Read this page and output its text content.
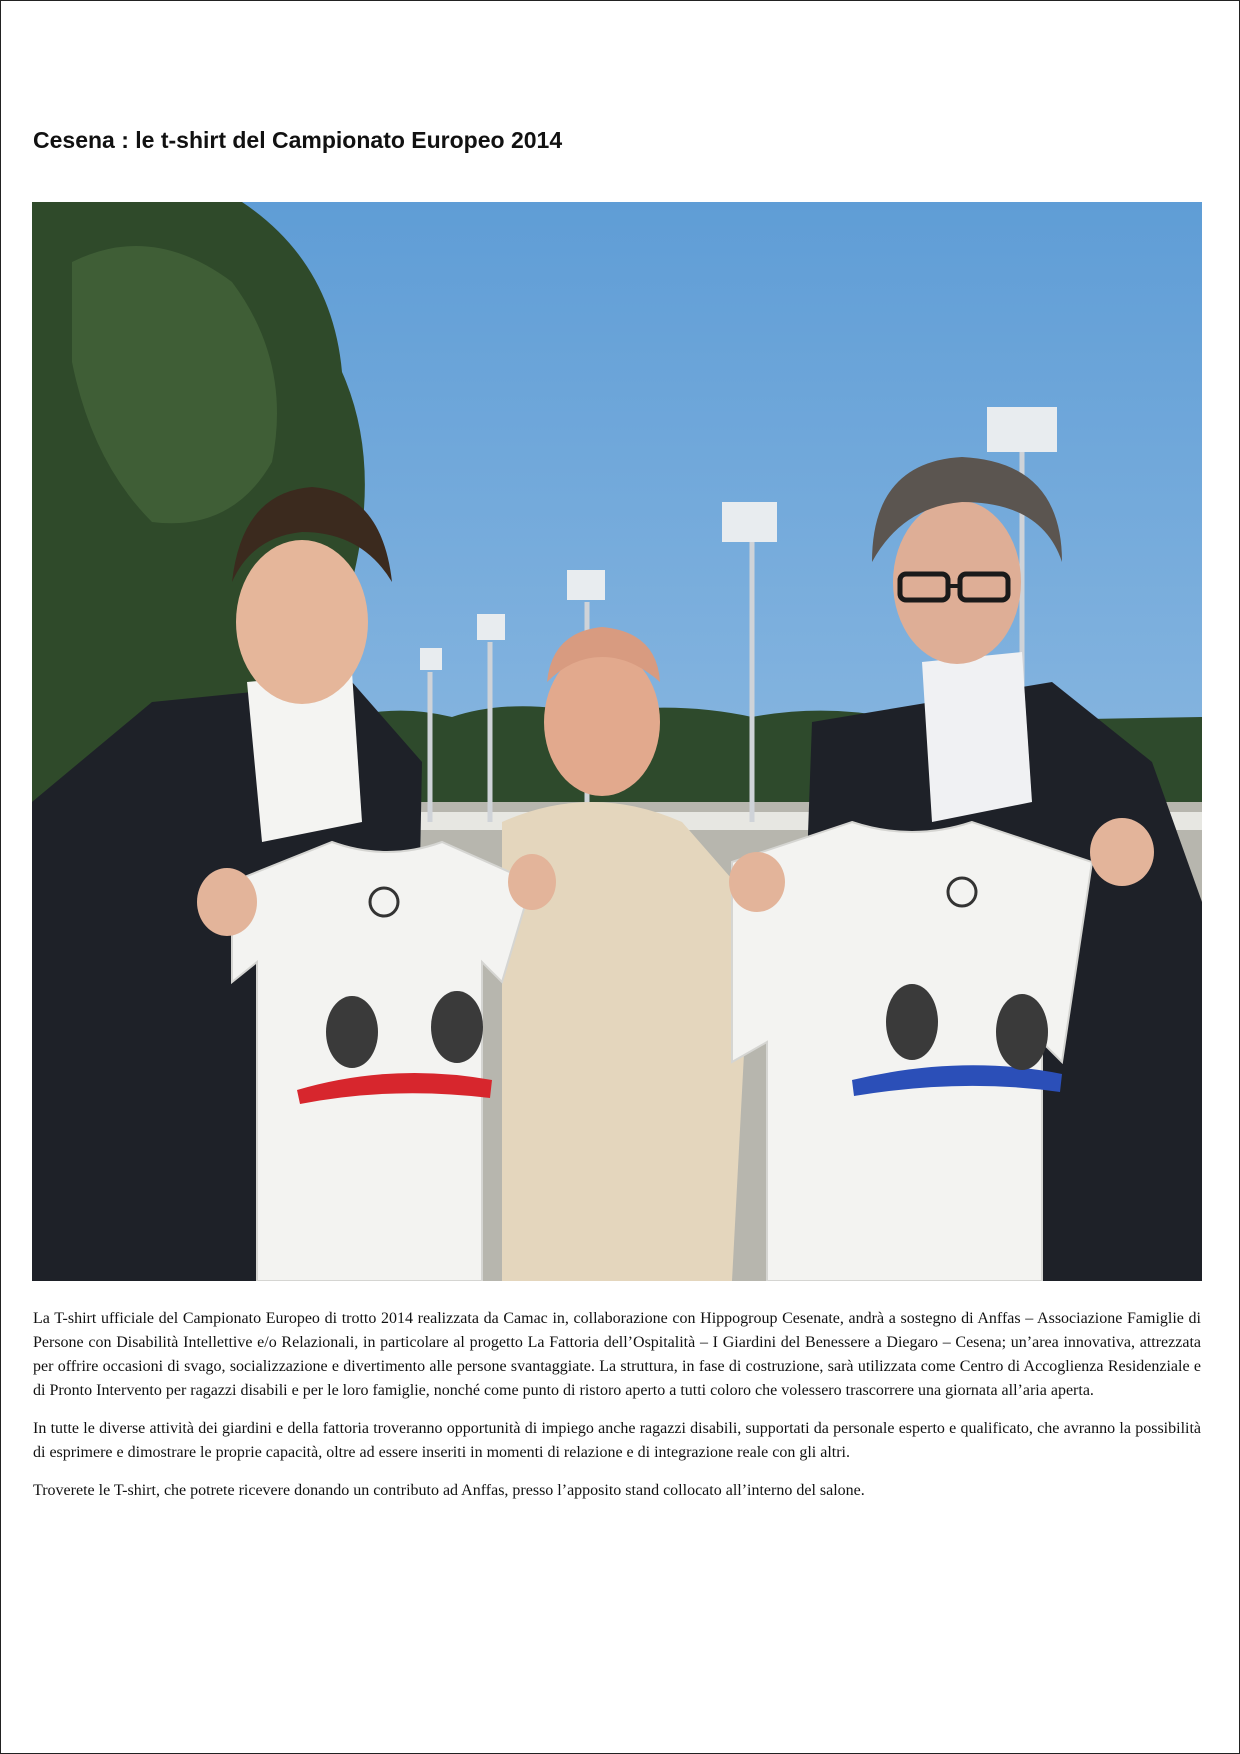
Cesena : le t-shirt del Campionato Europeo 2014

La T-shirt ufficiale del Campionato Europeo di trotto 2014 realizzata da Camac in, collaborazione con Hippogroup Cesenate, andrà a sostegno di Anffas – Associazione Famiglie di Persone con Disabilità Intellettive e/o Relazionali, in particolare al progetto La Fattoria dell’Ospitalità – I Giardini del Benessere a Diegaro – Cesena; un’area innovativa, attrezzata per offrire occasioni di svago, socializzazione e divertimento alle persone svantaggiate. La struttura, in fase di costruzione, sarà utilizzata come Centro di Accoglienza Residenziale e di Pronto Intervento per ragazzi disabili e per le loro famiglie, nonché come punto di ristoro aperto a tutti coloro che volessero trascorrere una giornata all’aria aperta.

In tutte le diverse attività dei giardini e della fattoria troveranno opportunità di impiego anche ragazzi disabili, supportati da personale esperto e qualificato, che avranno la possibilità di esprimere e dimostrare le proprie capacità, oltre ad essere inseriti in momenti di relazione e di integrazione reale con gli altri.

Troverete le T-shirt, che potrete ricevere donando un contributo ad Anffas, presso l’apposito stand collocato all’interno del salone.
